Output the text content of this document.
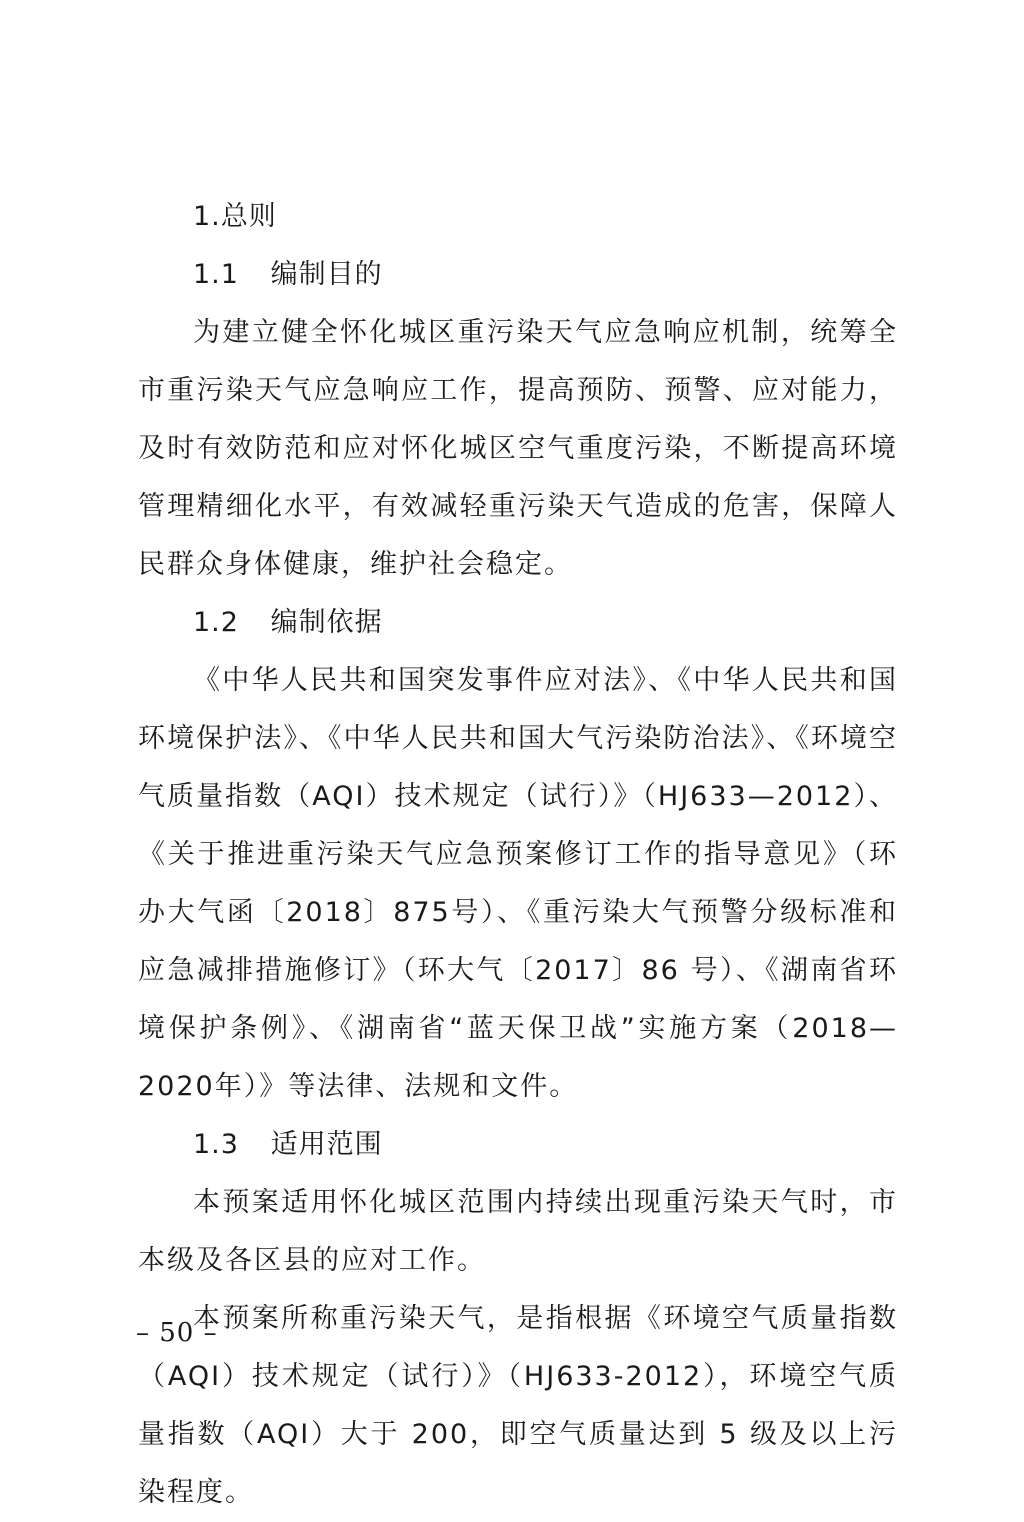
1.总则
1.1 编制目的

为建立健全怀化城区重污染天气应急响应机制，统筹全市重污染天气应急响应工作，提高预防、预警、应对能力，及时有效防范和应对怀化城区空气重度污染，不断提高环境管理精细化水平，有效减轻重污染天气造成的危害，保障人民群众身体健康，维护社会稳定。

1.2 编制依据

《中华人民共和国突发事件应对法》、《中华人民共和国环境保护法》、《中华人民共和国大气污染防治法》、《环境空气质量指数（AQI）技术规定（试行）》（HJ633—2012）、《关于推进重污染天气应急预案修订工作的指导意见》（环办大气函〔2018〕875号）、《重污染大气预警分级标准和应急减排措施修订》（环大气〔2017〕86 号）、《湖南省环境保护条例》、《湖南省“蓝天保卫战”实施方案（2018—2020年）》等法律、法规和文件。

1.3 适用范围

本预案适用怀化城区范围内持续出现重污染天气时，市本级及各区县的应对工作。

本预案所称重污染天气，是指根据《环境空气质量指数（AQI）技术规定（试行）》（HJ633-2012），环境空气质量指数（AQI）大于 200，即空气质量达到 5 级及以上污染程度。

– 50 –
